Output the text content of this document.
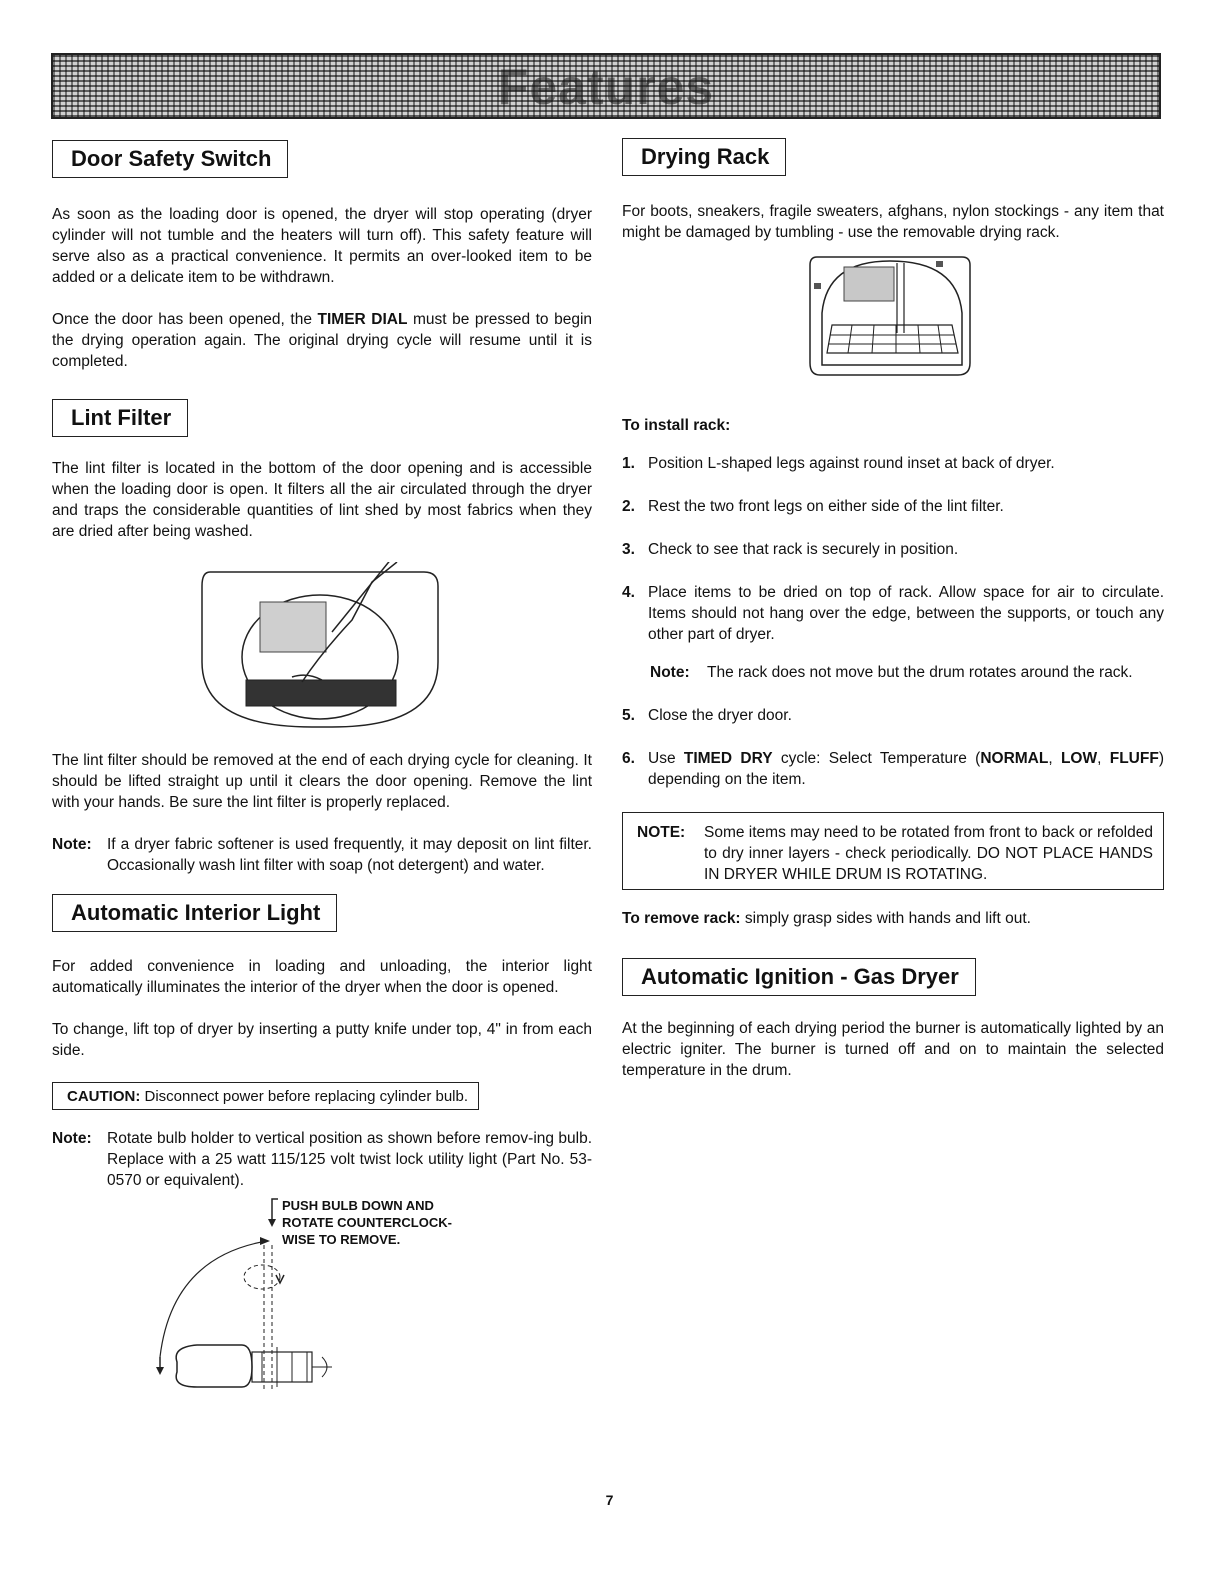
Features
Door Safety Switch

As soon as the loading door is opened, the dryer will stop operating (dryer cylinder will not tumble and the heaters will turn off). This safety feature will serve also as a practical convenience. It permits an over-looked item to be added or a delicate item to be withdrawn.

Once the door has been opened, the TIMER DIAL must be pressed to begin the drying operation again. The original drying cycle will resume until it is completed.

Lint Filter

The lint filter is located in the bottom of the door opening and is accessible when the loading door is open. It filters all the air circulated through the dryer and traps the considerable quantities of lint shed by most fabrics when they are dried after being washed.

The lint filter should be removed at the end of each drying cycle for cleaning. It should be lifted straight up until it clears the door opening. Remove the lint with your hands. Be sure the lint filter is properly replaced.

Note: If a dryer fabric softener is used frequently, it may deposit on lint filter. Occasionally wash lint filter with soap (not detergent) and water.
Automatic Interior Light

For added convenience in loading and unloading, the interior light automatically illuminates the interior of the dryer when the door is opened.

To change, lift top of dryer by inserting a putty knife under top, 4" in from each side.

CAUTION: Disconnect power before replacing cylinder bulb.
Note: Rotate bulb holder to vertical position as shown before remov-ing bulb. Replace with a 25 watt 115/125 volt twist lock utility light (Part No. 53-0570 or equivalent).
PUSH BULB DOWN AND
ROTATE COUNTERCLOCK-
WISE TO REMOVE.
Drying Rack

For boots, sneakers, fragile sweaters, afghans, nylon stockings - any item that might be damaged by tumbling - use the removable drying rack.

To install rack:
1. Position L-shaped legs against round inset at back of dryer.
2. Rest the two front legs on either side of the lint filter.
3. Check to see that rack is securely in position.
4. Place items to be dried on top of rack. Allow space for air to circulate. Items should not hang over the edge, between the supports, or touch any other part of dryer.
Note:	The rack does not move but the drum rotates around the rack.
5. Close the dryer door.
6. Use TIMED DRY cycle: Select Temperature (NORMAL, LOW, FLUFF) depending on the item.
NOTE:	Some items may need to be rotated from front to back or refolded to dry inner layers - check periodically. DO NOT PLACE HANDS IN DRYER WHILE DRUM IS ROTATING.

To remove rack: simply grasp sides with hands and lift out.

Automatic Ignition - Gas Dryer

At the beginning of each drying period the burner is automatically lighted by an electric igniter. The burner is turned off and on to maintain the selected temperature in the drum.

7
